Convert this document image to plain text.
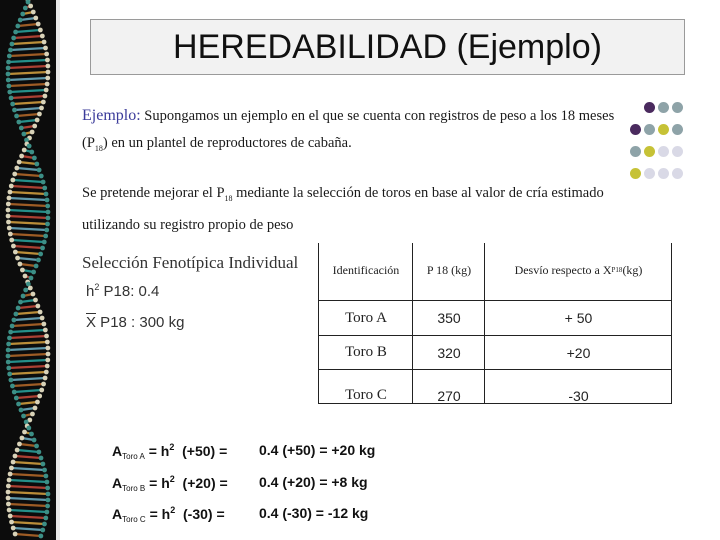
HEREDABILIDAD (Ejemplo)
Ejemplo: Supongamos un ejemplo en el que se cuenta con registros de peso a los 18 meses
$(P_{18})$ en un plantel de reproductores de cabaña.
Se pretende mejorar el $P_{18}$ mediante la selección de toros en base al valor de cría estimado
utilizando su registro propio de peso
Selección Fenotípica Individual
$h^2$ P18: 0.4
$\overline{X}$ P18 : 300 kg
Identificación	P 18 (kg)	Desvío respecto a X P18 (kg)
Toro A	350	+ 50
Toro B	320	+20
Toro C	270	-30
$A_{Toro A} = h^2$  (+50) = 0.4 (+50) = +20 kg
$A_{Toro B} = h^2$  (+20) = 0.4 (+20) = +8 kg
$A_{Toro C} = h^2$  (-30) = 0.4 (-30) = -12 kg
